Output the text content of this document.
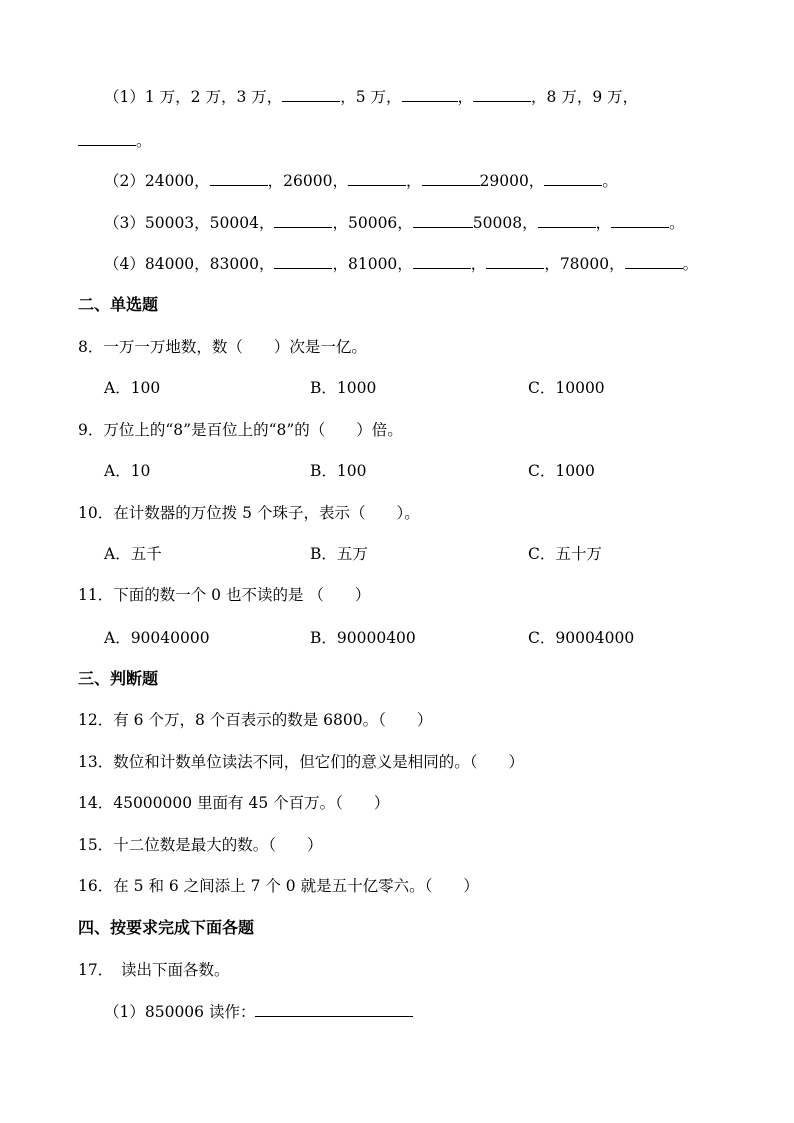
（1）1 万，2 万，3 万，	，5 万，	，	，8 万，9 万，
。
（2）24000，	，26000，	，	29000，	。
（3）50003，50004，	，50006，	50008，	，	。
（4）84000，83000，	，81000，	，	，78000，	。
二、单选题
8．一万一万地数，数（　　）次是一亿。
A．100	B．1000	C．10000
9．万位上的“8”是百位上的“8”的（　　）倍。
A．10	B．100	C．1000
10．在计数器的万位拨 5 个珠子，表示（　　）。
A．五千	B．五万	C．五十万
11．下面的数一个 0 也不读的是 （　　）
A．90040000	B．90000400	C．90004000
三、判断题
12．有 6 个万，8 个百表示的数是 6800。（　　）
13．数位和计数单位读法不同，但它们的意义是相同的。（　　）
14．45000000 里面有 45 个百万。（　　）
15．十二位数是最大的数。（　　）
16．在 5 和 6 之间添上 7 个 0 就是五十亿零六。（　　）
四、按要求完成下面各题
17．　读出下面各数。
（1）850006 读作：
